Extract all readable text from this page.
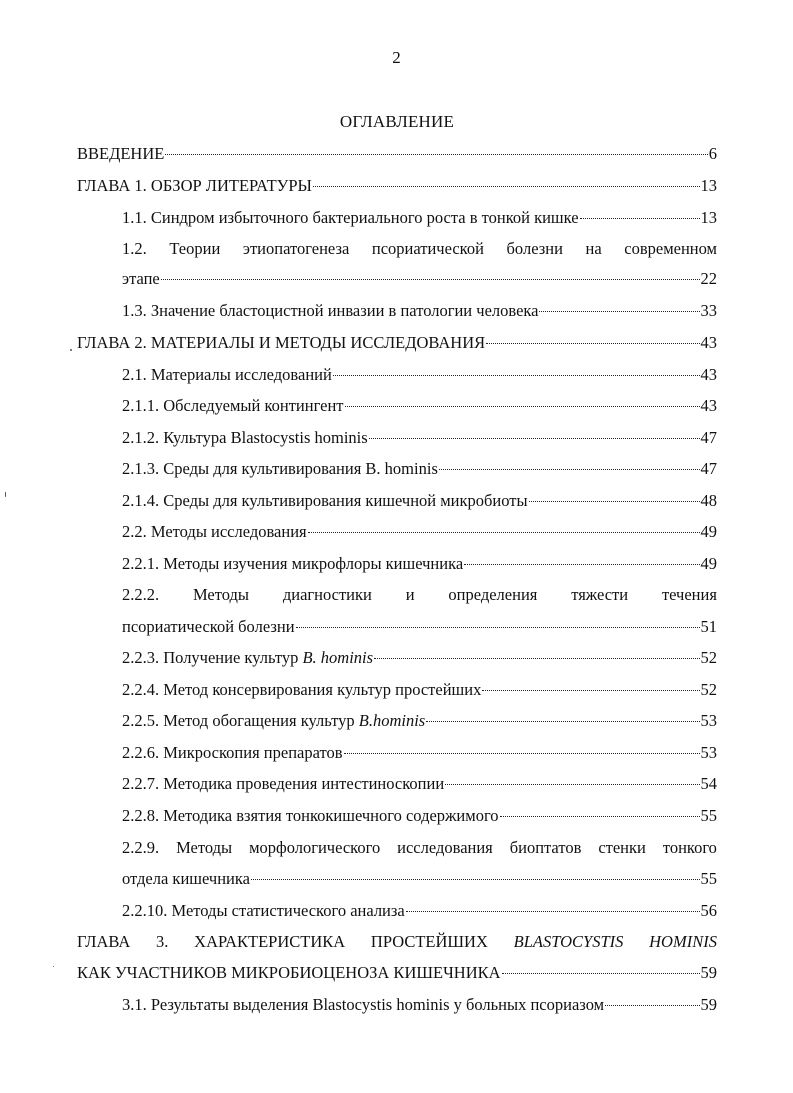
2
ОГЛАВЛЕНИЕ
ВВЕДЕНИЕ	6
ГЛАВА 1. ОБЗОР ЛИТЕРАТУРЫ	13
1.1. Синдром избыточного бактериального роста в тонкой кишке	13
1.2. Теории этиопатогенеза псориатической болезни на современном
этапе	22
1.3. Значение бластоцистной инвазии в патологии человека	33
ГЛАВА 2. МАТЕРИАЛЫ И МЕТОДЫ ИССЛЕДОВАНИЯ	43
2.1. Материалы исследований	43
2.1.1. Обследуемый контингент	43
2.1.2. Культура Blastocystis hominis	47
2.1.3. Среды для культивирования B. hominis	47
2.1.4. Среды для культивирования кишечной микробиоты	48
2.2. Методы исследования	49
2.2.1. Методы изучения микрофлоры кишечника	49
2.2.2. Методы диагностики и определения тяжести течения
псориатической болезни	51
2.2.3. Получение культур B. hominis	52
2.2.4. Метод консервирования культур простейших	52
2.2.5. Метод обогащения культур B.hominis	53
2.2.6. Микроскопия препаратов	53
2.2.7. Методика проведения интестиноскопии	54
2.2.8. Методика взятия тонкокишечного содержимого	55
2.2.9. Методы морфологического исследования биоптатов стенки тонкого
отдела кишечника	55
2.2.10. Методы статистического анализа	56
ГЛАВА 3. ХАРАКТЕРИСТИКА ПРОСТЕЙШИХ BLASTOCYSTIS HOMINIS
КАК УЧАСТНИКОВ МИКРОБИОЦЕНОЗА КИШЕЧНИКА	59
3.1. Результаты выделения Blastocystis hominis у больных псориазом	59
